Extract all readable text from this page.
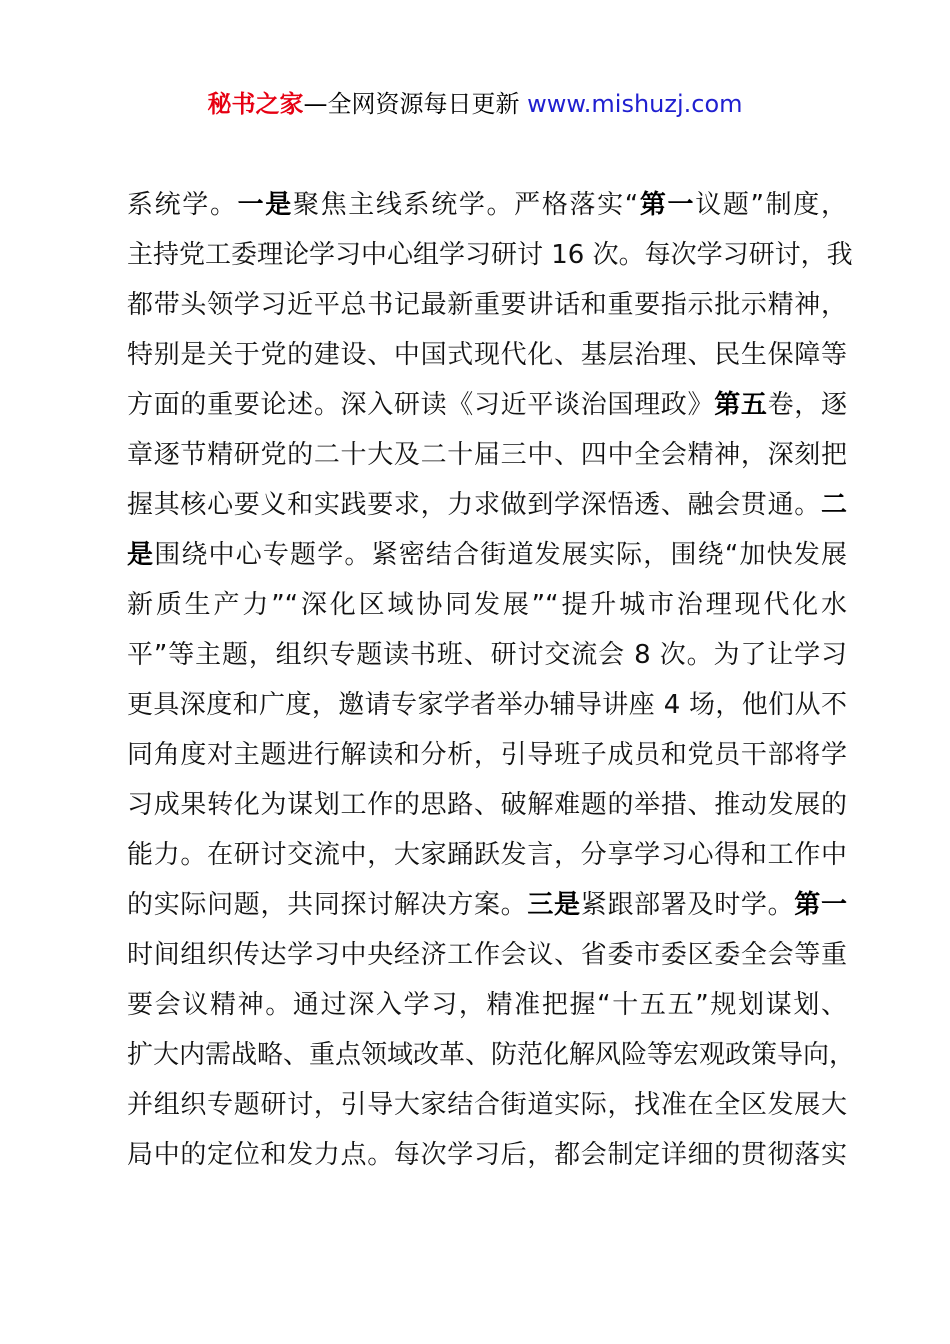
秘书之家—全网资源每日更新 www.mishuzj.com
系统学。一是聚焦主线系统学。严格落实“第一议题”制度，
主持党工委理论学习中心组学习研讨 16 次。每次学习研讨，我
都带头领学习近平总书记最新重要讲话和重要指示批示精神，
特别是关于党的建设、中国式现代化、基层治理、民生保障等
方面的重要论述。深入研读《习近平谈治国理政》第五卷，逐
章逐节精研党的二十大及二十届三中、四中全会精神，深刻把
握其核心要义和实践要求，力求做到学深悟透、融会贯通。二
是围绕中心专题学。紧密结合街道发展实际，围绕“加快发展
新质生产力”“深化区域协同发展”“提升城市治理现代化水
平”等主题，组织专题读书班、研讨交流会 8 次。为了让学习
更具深度和广度，邀请专家学者举办辅导讲座 4 场，他们从不
同角度对主题进行解读和分析，引导班子成员和党员干部将学
习成果转化为谋划工作的思路、破解难题的举措、推动发展的
能力。在研讨交流中，大家踊跃发言，分享学习心得和工作中
的实际问题，共同探讨解决方案。三是紧跟部署及时学。第一
时间组织传达学习中央经济工作会议、省委市委区委全会等重
要会议精神。通过深入学习，精准把握“十五五”规划谋划、
扩大内需战略、重点领域改革、防范化解风险等宏观政策导向，
并组织专题研讨，引导大家结合街道实际，找准在全区发展大
局中的定位和发力点。每次学习后，都会制定详细的贯彻落实
